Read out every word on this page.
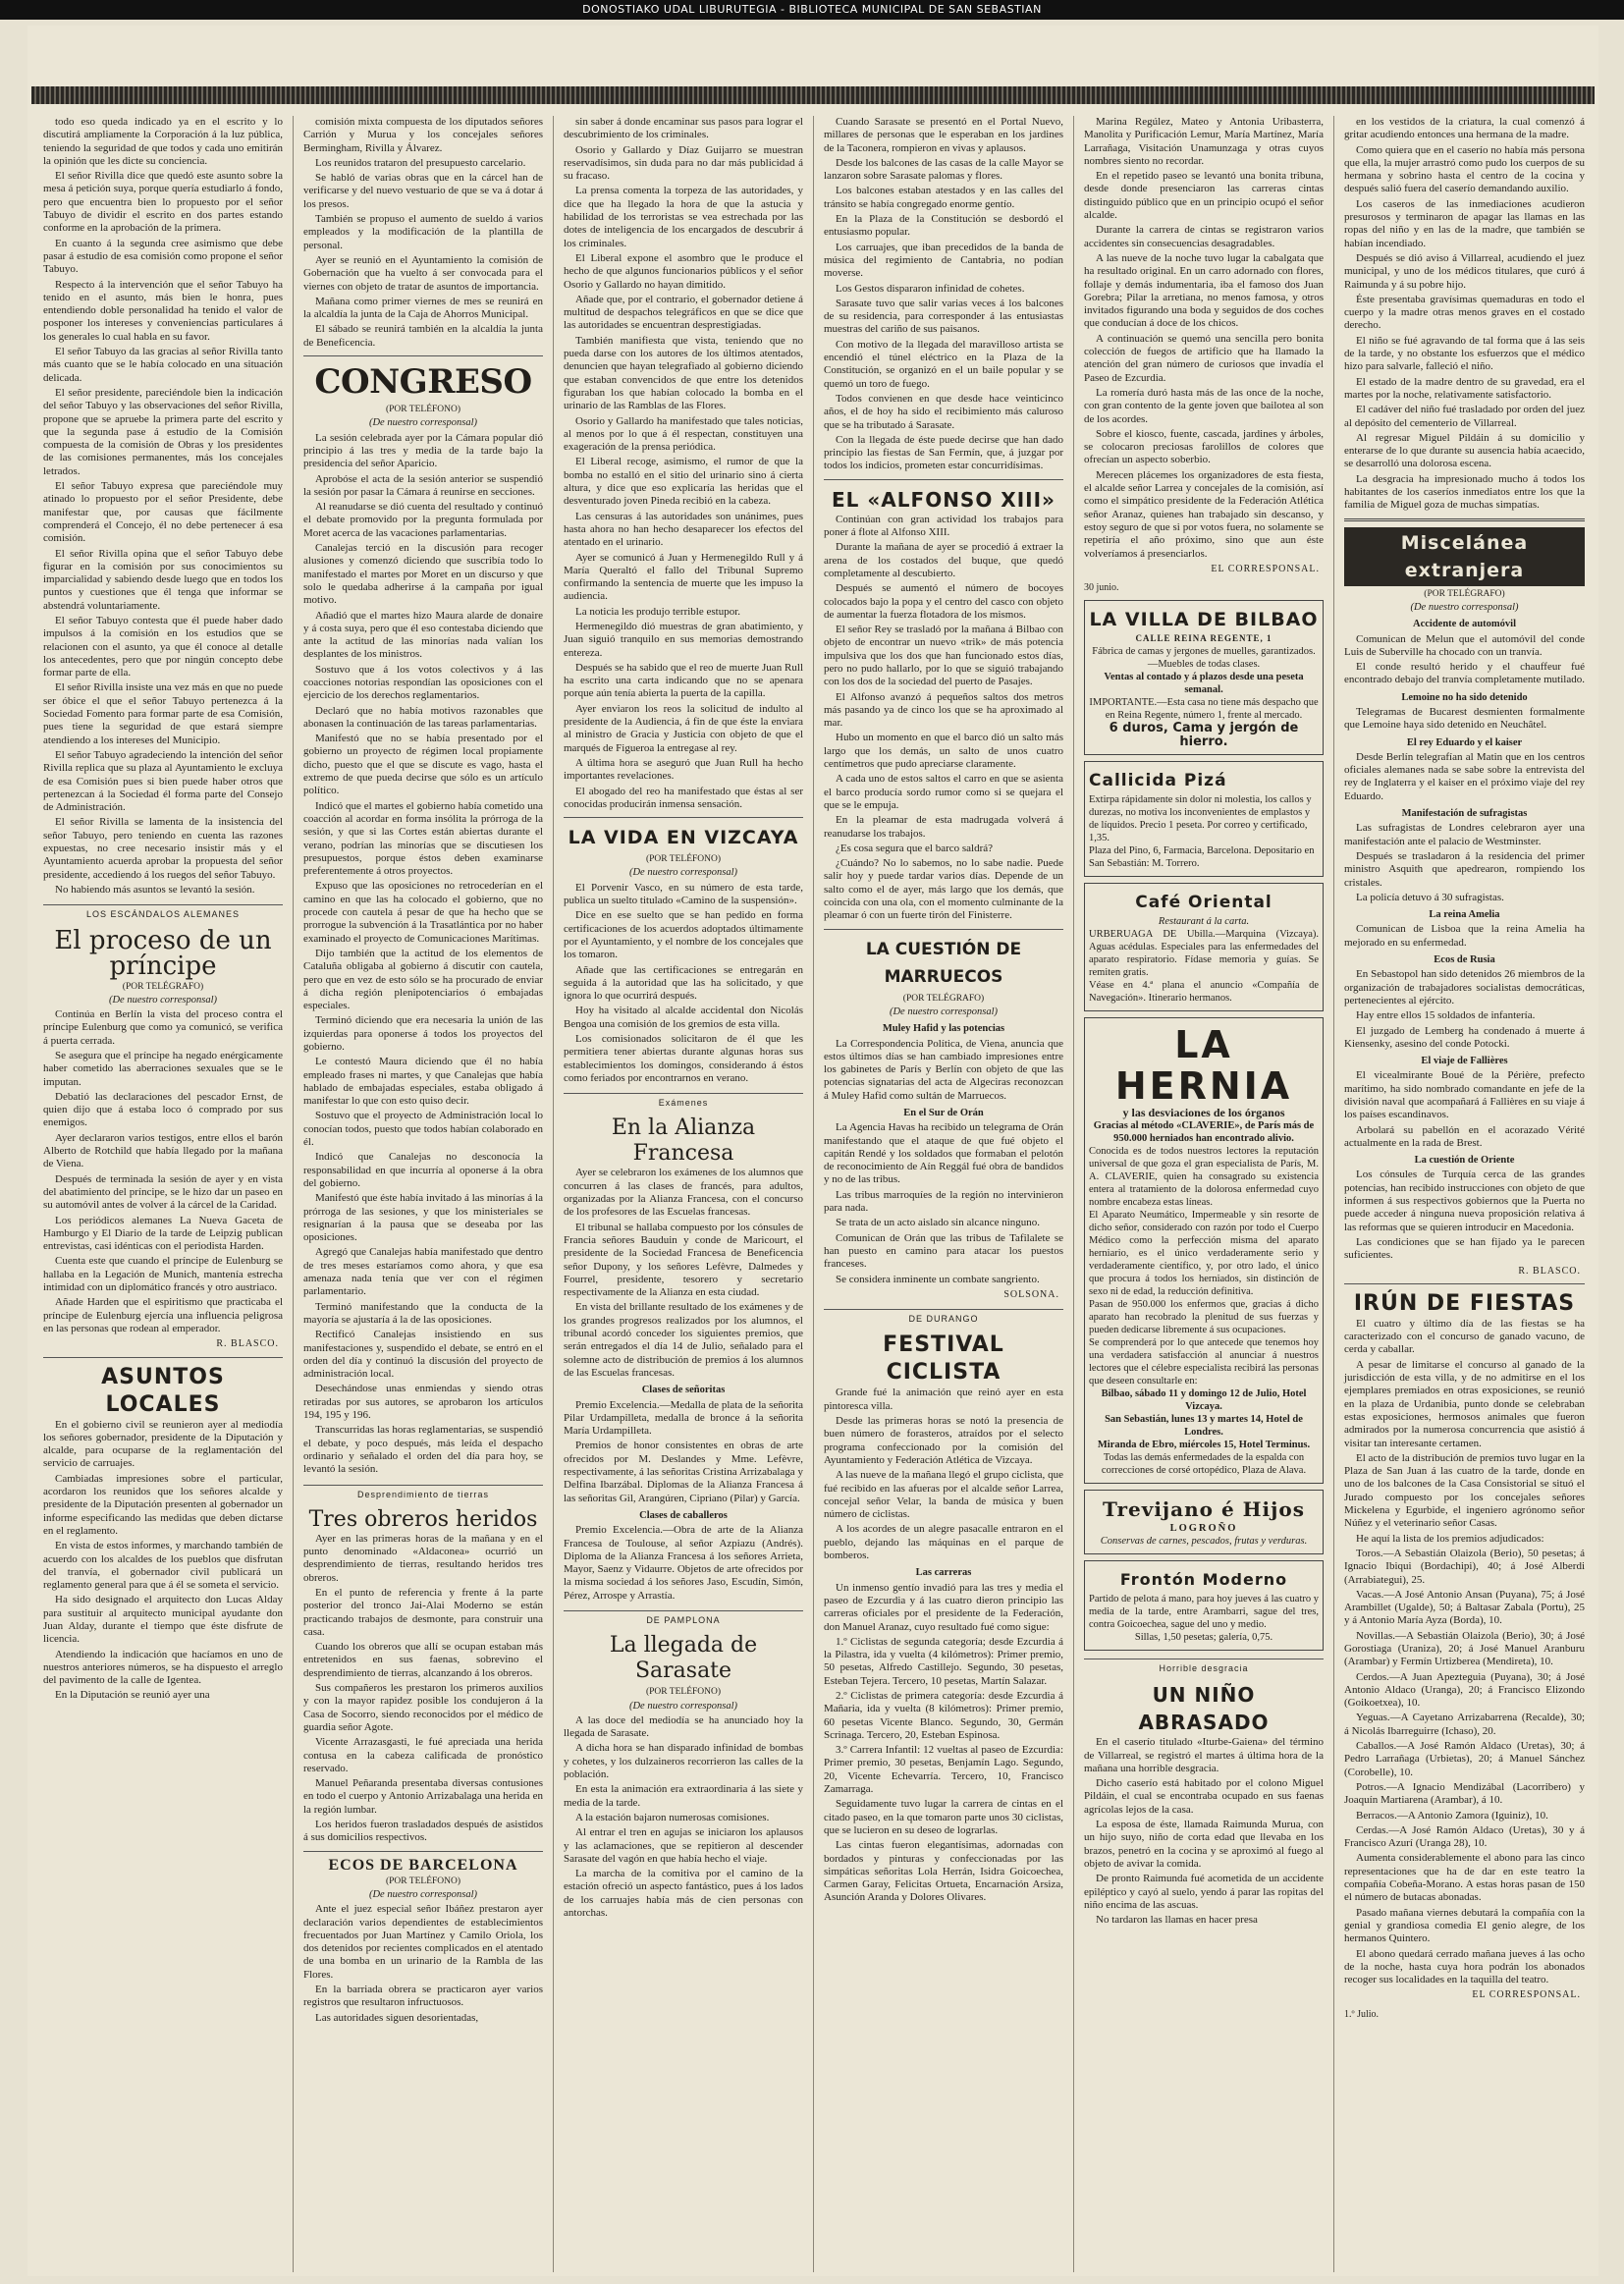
DONOSTIAKO UDAL LIBURUTEGIA - BIBLIOTECA MUNICIPAL DE SAN SEBASTIAN
todo eso queda indicado ya en el escrito y lo discutirá ampliamente la Corporación á la luz pública, teniendo la seguridad de que todos y cada uno emitirán la opinión que les dicte su conciencia.
El señor Rivilla dice que quedó este asunto sobre la mesa á petición suya, porque quería estudiarlo á fondo, pero que encuentra bien lo propuesto por el señor Tabuyo de dividir el escrito en dos partes estando conforme en la aprobación de la primera.
En cuanto á la segunda cree asimismo que debe pasar á estudio de esa comisión como propone el señor Tabuyo.
Respecto á la intervención que el señor Tabuyo ha tenido en el asunto, más bien le honra, pues entendiendo doble personalidad ha tenido el valor de posponer los intereses y conveniencias particulares á los generales lo cual habla en su favor.
El señor Tabuyo da las gracias al señor Rivilla tanto más cuanto que se le había colocado en una situación delicada.
El señor presidente, pareciéndole bien la indicación del señor Tabuyo y las observaciones del señor Rivilla, propone que se apruebe la primera parte del escrito y que la segunda pase á estudio de la Comisión compuesta de la comisión de Obras y los presidentes de las comisiones permanentes, más los concejales letrados.
El señor Tabuyo expresa que pareciéndole muy atinado lo propuesto por el señor Presidente, debe manifestar que, por causas que fácilmente comprenderá el Concejo, él no debe pertenecer á esa comisión.
El señor Rivilla opina que el señor Tabuyo debe figurar en la comisión por sus conocimientos su imparcialidad y sabiendo desde luego que en todos los puntos y cuestiones que él tenga que informar se abstendrá voluntariamente.
El señor Tabuyo contesta que él puede haber dado impulsos á la comisión en los estudios que se relacionen con el asunto, ya que él conoce al detalle los antecedentes, pero que por ningún concepto debe formar parte de ella.
El señor Rivilla insiste una vez más en que no puede ser óbice el que el señor Tabuyo pertenezca á la Sociedad Fomento para formar parte de esa Comisión, pues tiene la seguridad de que estará siempre atendiendo a los intereses del Municipio.
El señor Tabuyo agradeciendo la intención del señor Rivilla replica que su plaza al Ayuntamiento le excluya de esa Comisión pues si bien puede haber otros que pertenezcan á la Sociedad él forma parte del Consejo de Administración.
El señor Rivilla se lamenta de la insistencia del señor Tabuyo, pero teniendo en cuenta las razones expuestas, no cree necesario insistir más y el Ayuntamiento acuerda aprobar la propuesta del señor presidente, accediendo á los ruegos del señor Tabuyo.
No habiendo más asuntos se levantó la sesión.
LOS ESCÁNDALOS ALEMANES
El proceso de un príncipe
(POR TELÉGRAFO)
(De nuestro corresponsal)
Continúa en Berlín la vista del proceso contra el príncipe Eulenburg que como ya comunicó, se verifica á puerta cerrada.
Se asegura que el príncipe ha negado enérgicamente haber cometido las aberraciones sexuales que se le imputan.
Debatió las declaraciones del pescador Ernst, de quien dijo que á estaba loco ó comprado por sus enemigos.
Ayer declararon varios testigos, entre ellos el barón Alberto de Rotchild que había llegado por la mañana de Viena.
Después de terminada la sesión de ayer y en vista del abatimiento del príncipe, se le hizo dar un paseo en su automóvil antes de volver á la cárcel de la Caridad.
Los periódicos alemanes La Nueva Gaceta de Hamburgo y El Diario de la tarde de Leipzig publican entrevistas, casi idénticas con el periodista Harden.
Cuenta este que cuando el príncipe de Eulenburg se hallaba en la Legación de Munich, mantenía estrecha intimidad con un diplomático francés y otro austriaco.
Añade Harden que el espiritismo que practicaba el príncipe de Eulenburg ejercía una influencia peligrosa en las personas que rodean al emperador.
R. BLASCO.
ASUNTOS LOCALES
En el gobierno civil se reunieron ayer al mediodía los señores gobernador, presidente de la Diputación y alcalde, para ocuparse de la reglamentación del servicio de carruajes.
Cambiadas impresiones sobre el particular, acordaron los reunidos que los señores alcalde y presidente de la Diputación presenten al gobernador un informe especificando las medidas que deben dictarse en el reglamento.
En vista de estos informes, y marchando también de acuerdo con los alcaldes de los pueblos que disfrutan del tranvía, el gobernador civil publicará un reglamento general para que á él se someta el servicio.
Ha sido designado el arquitecto don Lucas Alday para sustituir al arquitecto municipal ayudante don Juan Alday, durante el tiempo que éste disfrute de licencia.
Atendiendo la indicación que hacíamos en uno de nuestros anteriores números, se ha dispuesto el arreglo del pavimento de la calle de Igentea.
En la Diputación se reunió ayer una
comisión mixta compuesta de los diputados señores Carrión y Murua y los concejales señores Bermingham, Rivilla y Álvarez.
Los reunidos trataron del presupuesto carcelario.
Se habló de varias obras que en la cárcel han de verificarse y del nuevo vestuario de que se va á dotar á los presos.
También se propuso el aumento de sueldo á varios empleados y la modificación de la plantilla de personal.
Ayer se reunió en el Ayuntamiento la comisión de Gobernación que ha vuelto á ser convocada para el viernes con objeto de tratar de asuntos de importancia.
Mañana como primer viernes de mes se reunirá en la alcaldía la junta de la Caja de Ahorros Municipal.
El sábado se reunirá también en la alcaldía la junta de Beneficencia.
CONGRESO
(POR TELÉFONO)
(De nuestro corresponsal)
La sesión celebrada ayer por la Cámara popular dió principio á las tres y media de la tarde bajo la presidencia del señor Aparicio.
Aprobóse el acta de la sesión anterior se suspendió la sesión por pasar la Cámara á reunirse en secciones.
Al reanudarse se dió cuenta del resultado y continuó el debate promovido por la pregunta formulada por Moret acerca de las vacaciones parlamentarias.
Canalejas terció en la discusión para recoger alusiones y comenzó diciendo que suscribía todo lo manifestado el martes por Moret en un discurso y que solo le quedaba adherirse á la campaña por igual motivo.
Añadió que el martes hizo Maura alarde de donaire y á costa suya, pero que él eso contestaba diciendo que ante la actitud de las minorías nada valían los desplantes de los ministros.
Sostuvo que á los votos colectivos y á las coacciones notorias respondían las oposiciones con el ejercicio de los derechos reglamentarios.
Declaró que no había motivos razonables que abonasen la continuación de las tareas parlamentarias.
Manifestó que no se había presentado por el gobierno un proyecto de régimen local propiamente dicho, puesto que el que se discute es vago, hasta el extremo de que pueda decirse que sólo es un artículo político.
Indicó que el martes el gobierno había cometido una coacción al acordar en forma insólita la prórroga de la sesión, y que si las Cortes están abiertas durante el verano, podrían las minorías que se discutiesen los presupuestos, porque éstos deben examinarse preferentemente á otros proyectos.
Expuso que las oposiciones no retrocederían en el camino en que las ha colocado el gobierno, que no procede con cautela á pesar de que ha hecho que se prorrogue la subvención á la Trasatlántica por no haber examinado el proyecto de Comunicaciones Marítimas.
Dijo también que la actitud de los elementos de Cataluña obligaba al gobierno á discutir con cautela, pero que en vez de esto sólo se ha procurado de enviar á dicha región plenipotenciarios ó embajadas especiales.
Terminó diciendo que era necesaria la unión de las izquierdas para oponerse á todos los proyectos del gobierno.
Le contestó Maura diciendo que él no había empleado frases ni martes, y que Canalejas que había hablado de embajadas especiales, estaba obligado á manifestar lo que con esto quiso decir.
Sostuvo que el proyecto de Administración local lo conocían todos, puesto que todos habían colaborado en él.
Indicó que Canalejas no desconocía la responsabilidad en que incurría al oponerse á la obra del gobierno.
Manifestó que éste había invitado á las minorías á la prórroga de las sesiones, y que los ministeriales se resignarían á la pausa que se deseaba por las oposiciones.
Agregó que Canalejas había manifestado que dentro de tres meses estaríamos como ahora, y que esa amenaza nada tenía que ver con el régimen parlamentario.
Terminó manifestando que la conducta de la mayoría se ajustaría á la de las oposiciones.
Rectificó Canalejas insistiendo en sus manifestaciones y, suspendido el debate, se entró en el orden del día y continuó la discusión del proyecto de administración local.
Desechándose unas enmiendas y siendo otras retiradas por sus autores, se aprobaron los artículos 194, 195 y 196.
Transcurridas las horas reglamentarias, se suspendió el debate, y poco después, más leída el despacho ordinario y señalado el orden del día para hoy, se levantó la sesión.
Desprendimiento de tierras
Tres obreros heridos
Ayer en las primeras horas de la mañana y en el punto denominado «Aldaconea» ocurrió un desprendimiento de tierras, resultando heridos tres obreros.
En el punto de referencia y frente á la parte posterior del tronco Jai-Alai Moderno se están practicando trabajos de desmonte, para construir una casa.
Cuando los obreros que allí se ocupan estaban más entretenidos en sus faenas, sobrevino el desprendimiento de tierras, alcanzando á los obreros.
Sus compañeros les prestaron los primeros auxilios y con la mayor rapidez posible los condujeron á la Casa de Socorro, siendo reconocidos por el médico de guardia señor Agote.
Vicente Arrazasgasti, le fué apreciada una herida contusa en la cabeza calificada de pronóstico reservado.
Manuel Peñaranda presentaba diversas contusiones en todo el cuerpo y Antonio Arrizabalaga una herida en la región lumbar.
Los heridos fueron trasladados después de asistidos á sus domicilios respectivos.
ECOS DE BARCELONA
(POR TELÉFONO)
(De nuestro corresponsal)
Ante el juez especial señor Ibáñez prestaron ayer declaración varios dependientes de establecimientos frecuentados por Juan Martínez y Camilo Oriola, los dos detenidos por recientes complicados en el atentado de una bomba en un urinario de la Rambla de las Flores.
En la barriada obrera se practicaron ayer varios registros que resultaron infructuosos.
Las autoridades siguen desorientadas,
sin saber á donde encaminar sus pasos para lograr el descubrimiento de los criminales.
Osorio y Gallardo y Díaz Guijarro se muestran reservadísimos, sin duda para no dar más publicidad á su fracaso.
La prensa comenta la torpeza de las autoridades, y dice que ha llegado la hora de que la astucia y habilidad de los terroristas se vea estrechada por las dotes de inteligencia de los encargados de descubrir á los criminales.
El Liberal expone el asombro que le produce el hecho de que algunos funcionarios públicos y el señor Osorio y Gallardo no hayan dimitido.
Añade que, por el contrario, el gobernador detiene á multitud de despachos telegráficos en que se dice que las autoridades se encuentran desprestigiadas.
También manifiesta que vista, teniendo que no pueda darse con los autores de los últimos atentados, denuncien que hayan telegrafiado al gobierno diciendo que estaban convencidos de que entre los detenidos figuraban los que habían colocado la bomba en el urinario de las Ramblas de las Flores.
Osorio y Gallardo ha manifestado que tales noticias, al menos por lo que á él respectan, constituyen una exageración de la prensa periódica.
El Liberal recoge, asimismo, el rumor de que la bomba no estalló en el sitio del urinario sino á cierta altura, y dice que eso explicaría las heridas que el desventurado joven Pineda recibió en la cabeza.
Las censuras á las autoridades son unánimes, pues hasta ahora no han hecho desaparecer los efectos del atentado en el urinario.
Ayer se comunicó á Juan y Hermenegildo Rull y á María Queraltó el fallo del Tribunal Supremo confirmando la sentencia de muerte que les impuso la audiencia.
La noticia les produjo terrible estupor.
Hermenegildo dió muestras de gran abatimiento, y Juan siguió tranquilo en sus memorias demostrando entereza.
Después se ha sabido que el reo de muerte Juan Rull ha escrito una carta indicando que no se apenara porque aún tenía abierta la puerta de la capilla.
Ayer enviaron los reos la solicitud de indulto al presidente de la Audiencia, á fin de que éste la enviara al ministro de Gracia y Justicia con objeto de que el marqués de Figueroa la entregase al rey.
A última hora se aseguró que Juan Rull ha hecho importantes revelaciones.
El abogado del reo ha manifestado que éstas al ser conocidas producirán inmensa sensación.
LA VIDA EN VIZCAYA
(POR TELÉFONO)
(De nuestro corresponsal)
El Porvenir Vasco, en su número de esta tarde, publica un suelto titulado «Camino de la suspensión».
Dice en ese suelto que se han pedido en forma certificaciones de los acuerdos adoptados últimamente por el Ayuntamiento, y el nombre de los concejales que los tomaron.
Añade que las certificaciones se entregarán en seguida á la autoridad que las ha solicitado, y que ignora lo que ocurrirá después.
Hoy ha visitado al alcalde accidental don Nicolás Bengoa una comisión de los gremios de esta villa.
Los comisionados solicitaron de él que les permitiera tener abiertas durante algunas horas sus establecimientos los domingos, considerando á éstos como feriados por encontrarnos en verano.
Exámenes
En la Alianza Francesa
Ayer se celebraron los exámenes de los alumnos que concurren á las clases de francés, para adultos, organizadas por la Alianza Francesa, con el concurso de los profesores de las Escuelas francesas.
El tribunal se hallaba compuesto por los cónsules de Francia señores Bauduin y conde de Maricourt, el presidente de la Sociedad Francesa de Beneficencia señor Dupony, y los señores Lefèvre, Dalmedes y Fourrel, presidente, tesorero y secretario respectivamente de la Alianza en esta ciudad.
En vista del brillante resultado de los exámenes y de los grandes progresos realizados por los alumnos, el tribunal acordó conceder los siguientes premios, que serán entregados el día 14 de Julio, señalado para el solemne acto de distribución de premios á los alumnos de las Escuelas francesas.
Clases de señoritas
Premio Excelencia.—Medalla de plata de la señorita Pilar Urdampilleta, medalla de bronce á la señorita María Urdampilleta.
Premios de honor consistentes en obras de arte ofrecidos por M. Deslandes y Mme. Lefèvre, respectivamente, á las señoritas Cristina Arrizabalaga y Delfina Ibarzábal. Diplomas de la Alianza Francesa á las señoritas Gil, Arangúren, Cipriano (Pilar) y García.
Clases de caballeros
Premio Excelencia.—Obra de arte de la Alianza Francesa de Toulouse, al señor Azpiazu (Andrés). Diploma de la Alianza Francesa á los señores Arrieta, Mayor, Saenz y Vidaurre. Objetos de arte ofrecidos por la misma sociedad á los señores Jaso, Escudín, Simón, Pérez, Arrospe y Arrastía.
DE PAMPLONA
La llegada de Sarasate
(POR TELÉFONO)
(De nuestro corresponsal)
A las doce del mediodía se ha anunciado hoy la llegada de Sarasate.
A dicha hora se han disparado infinidad de bombas y cohetes, y los dulzaineros recorrieron las calles de la población.
En esta la animación era extraordinaria á las siete y media de la tarde.
A la estación bajaron numerosas comisiones.
Al entrar el tren en agujas se iniciaron los aplausos y las aclamaciones, que se repitieron al descender Sarasate del vagón en que había hecho el viaje.
La marcha de la comitiva por el camino de la estación ofreció un aspecto fantástico, pues á los lados de los carruajes había más de cien personas con antorchas.
Cuando Sarasate se presentó en el Portal Nuevo, millares de personas que le esperaban en los jardines de la Taconera, rompieron en vivas y aplausos.
Desde los balcones de las casas de la calle Mayor se lanzaron sobre Sarasate palomas y flores.
Los balcones estaban atestados y en las calles del tránsito se había congregado enorme gentío.
En la Plaza de la Constitución se desbordó el entusiasmo popular.
Los carruajes, que iban precedidos de la banda de música del regimiento de Cantabria, no podían moverse.
Los Gestos dispararon infinidad de cohetes.
Sarasate tuvo que salir varias veces á los balcones de su residencia, para corresponder á las entusiastas muestras del cariño de sus paisanos.
Con motivo de la llegada del maravilloso artista se encendió el túnel eléctrico en la Plaza de la Constitución, se organizó en el un baile popular y se quemó un toro de fuego.
Todos convienen en que desde hace veinticinco años, el de hoy ha sido el recibimiento más caluroso que se ha tributado á Sarasate.
Con la llegada de éste puede decirse que han dado principio las fiestas de San Fermín, que, á juzgar por todos los indicios, prometen estar concurridísimas.
EL «ALFONSO XIII»
Continúan con gran actividad los trabajos para poner á flote al Alfonso XIII.
Durante la mañana de ayer se procedió á extraer la arena de los costados del buque, que quedó completamente al descubierto.
Después se aumentó el número de bocoyes colocados bajo la popa y el centro del casco con objeto de aumentar la fuerza flotadora de los mismos.
El señor Rey se trasladó por la mañana á Bilbao con objeto de encontrar un nuevo «trik» de más potencia impulsiva que los dos que han funcionado estos días, pero no pudo hallarlo, por lo que se siguió trabajando con los dos de la sociedad del puerto de Pasajes.
El Alfonso avanzó á pequeños saltos dos metros más pasando ya de cinco los que se ha aproximado al mar.
Hubo un momento en que el barco dió un salto más largo que los demás, un salto de unos cuatro centímetros que pudo apreciarse claramente.
A cada uno de estos saltos el carro en que se asienta el barco producía sordo rumor como si se quejara el que se le empuja.
En la pleamar de esta madrugada volverá á reanudarse los trabajos.
¿Es cosa segura que el barco saldrá?
¿Cuándo? No lo sabemos, no lo sabe nadie. Puede salir hoy y puede tardar varios días. Depende de un salto como el de ayer, más largo que los demás, que coincida con una ola, con el momento culminante de la pleamar ó con un fuerte tirón del Finisterre.
LA CUESTIÓN DE MARRUECOS
(POR TELÉGRAFO)
(De nuestro corresponsal)
Muley Hafid y las potencias
La Correspondencia Política, de Viena, anuncia que estos últimos días se han cambiado impresiones entre los gabinetes de París y Berlín con objeto de que las potencias signatarias del acta de Algeciras reconozcan á Muley Hafid como sultán de Marruecos.
En el Sur de Orán
La Agencia Havas ha recibido un telegrama de Orán manifestando que el ataque de que fué objeto el capitán Rendé y los soldados que formaban el pelotón de reconocimiento de Aín Reggál fué obra de bandidos y no de las tribus.
Las tribus marroquíes de la región no intervinieron para nada.
Se trata de un acto aislado sin alcance ninguno.
Comunican de Orán que las tribus de Tafilalete se han puesto en camino para atacar los puestos franceses.
Se considera inminente un combate sangriento.
SOLSONA.
DE DURANGO
FESTIVAL CICLISTA
Grande fué la animación que reinó ayer en esta pintoresca villa.
Desde las primeras horas se notó la presencia de buen número de forasteros, atraídos por el selecto programa confeccionado por la comisión del Ayuntamiento y Federación Atlética de Vizcaya.
A las nueve de la mañana llegó el grupo ciclista, que fué recibido en las afueras por el alcalde señor Larrea, concejal señor Velar, la banda de música y buen número de ciclistas.
A los acordes de un alegre pasacalle entraron en el pueblo, dejando las máquinas en el parque de bomberos.
Las carreras
Un inmenso gentío invadió para las tres y media el paseo de Ezcurdia y á las cuatro dieron principio las carreras oficiales por el presidente de la Federación, don Manuel Aranaz, cuyo resultado fué como sigue:
1.º Ciclistas de segunda categoría; desde Ezcurdia á la Pilastra, ida y vuelta (4 kilómetros): Primer premio, 50 pesetas, Alfredo Castillejo. Segundo, 30 pesetas, Esteban Tejera. Tercero, 10 pesetas, Martín Salazar.
2.º Ciclistas de primera categoría: desde Ezcurdia á Mañaria, ida y vuelta (8 kilómetros): Primer premio, 60 pesetas Vicente Blanco. Segundo, 30, Germán Scrinaga. Tercero, 20, Esteban Espinosa.
3.º Carrera Infantil: 12 vueltas al paseo de Ezcurdia: Primer premio, 30 pesetas, Benjamín Lago. Segundo, 20, Vicente Echevarría. Tercero, 10, Francisco Zamarraga.
Seguidamente tuvo lugar la carrera de cintas en el citado paseo, en la que tomaron parte unos 30 ciclistas, que se lucieron en su deseo de lograrlas.
Las cintas fueron elegantísimas, adornadas con bordados y pinturas y confeccionadas por las simpáticas señoritas Lola Herrán, Isidra Goicoechea, Carmen Garay, Felicitas Ortueta, Encarnación Arsiza, Asunción Aranda y Dolores Olivares.
Marina Regúlez, Mateo y Antonia Uribasterra, Manolita y Purificación Lemur, María Martínez, María Larrañaga, Visitación Unamunzaga y otras cuyos nombres siento no recordar.
En el repetido paseo se levantó una bonita tribuna, desde donde presenciaron las carreras cintas distinguido público que en un principio ocupó el señor alcalde.
Durante la carrera de cintas se registraron varios accidentes sin consecuencias desagradables.
A las nueve de la noche tuvo lugar la cabalgata que ha resultado original. En un carro adornado con flores, follaje y demás indumentaria, iba el famoso dos Juan Gorebra; Pilar la arretiana, no menos famosa, y otros invitados figurando una boda y seguidos de dos coches que conducían á doce de los chicos.
A continuación se quemó una sencilla pero bonita colección de fuegos de artificio que ha llamado la atención del gran número de curiosos que invadía el Paseo de Ezcurdia.
La romería duró hasta más de las once de la noche, con gran contento de la gente joven que bailotea al son de los acordes.
Sobre el kiosco, fuente, cascada, jardines y árboles, se colocaron preciosas farolillos de colores que ofrecían un aspecto soberbio.
Merecen plácemes los organizadores de esta fiesta, el alcalde señor Larrea y concejales de la comisión, así como el simpático presidente de la Federación Atlética señor Aranaz, quienes han trabajado sin descanso, y estoy seguro de que si por votos fuera, no solamente se repetiría el año próximo, sino que aun éste volveríamos á presenciarlos.
EL CORRESPONSAL.
30 junio.
LA VILLA DE BILBAO
CALLE REINA REGENTE, 1
Fábrica de camas y jergones de muelles, garantizados.—Muebles de todas clases.
Ventas al contado y á plazos desde una peseta semanal.
IMPORTANTE.—Esta casa no tiene más despacho que en Reina Regente, número 1, frente al mercado.
6 duros, Cama y jergón de hierro.
Callicida Pizá
Extirpa rápidamente sin dolor ni molestia, los callos y durezas, no motiva los inconvenientes de emplastos y de líquidos. Precio 1 peseta. Por correo y certificado, 1,35.
Plaza del Pino, 6, Farmacia, Barcelona. Depositario en San Sebastián: M. Torrero.
Café Oriental
Restaurant á la carta.
URBERUAGA DE Ubilla.—Marquina (Vizcaya). Aguas acédulas. Especiales para las enfermedades del aparato respiratorio. Fídase memoria y guías. Se remiten gratis.
Véase en 4.ª plana el anuncio «Compañía de Navegación». Itinerario hermanos.
LA HERNIA
y las desviaciones de los órganos
Gracias al método «CLAVERIE», de París más de 950.000 herniados han encontrado alivio.
Conocida es de todos nuestros lectores la reputación universal de que goza el gran especialista de París, M. A. CLAVERIE, quien ha consagrado su existencia entera al tratamiento de la dolorosa enfermedad cuyo nombre encabeza estas líneas.
El Aparato Neumático, Impermeable y sin resorte de dicho señor, considerado con razón por todo el Cuerpo Médico como la perfección misma del aparato herniario, es el único verdaderamente serio y verdaderamente científico, y, por otro lado, el único que procura á todos los herniados, sin distinción de sexo ni de edad, la reducción definitiva.
Pasan de 950.000 los enfermos que, gracias á dicho aparato han recobrado la plenitud de sus fuerzas y pueden dedicarse libremente á sus ocupaciones.
Se comprenderá por lo que antecede que tenemos hoy una verdadera satisfacción al anunciar á nuestros lectores que el célebre especialista recibirá las personas que deseen consultarle en:
Bilbao, sábado 11 y domingo 12 de Julio, Hotel Vizcaya.
San Sebastián, lunes 13 y martes 14, Hotel de Londres.
Miranda de Ebro, miércoles 15, Hotel Terminus.
Todas las demás enfermedades de la espalda con correcciones de corsé ortopédico, Plaza de Alava.
Trevijano é Hijos
LOGROÑO
Conservas de carnes, pescados, frutas y verduras.
Frontón Moderno
Partido de pelota á mano, para hoy jueves á las cuatro y media de la tarde, entre Arambarri, sague del tres, contra Goicoechea, sague del uno y medio.
Sillas, 1,50 pesetas; galería, 0,75.
Horrible desgracia
UN NIÑO ABRASADO
En el caserío titulado «Iturbe-Gaiena» del término de Villarreal, se registró el martes á última hora de la mañana una horrible desgracia.
Dicho caserío está habitado por el colono Miguel Pildáin, el cual se encontraba ocupado en sus faenas agrícolas lejos de la casa.
La esposa de éste, llamada Raimunda Murua, con un hijo suyo, niño de corta edad que llevaba en los brazos, penetró en la cocina y se aproximó al fuego al objeto de avivar la comida.
De pronto Raimunda fué acometida de un accidente epiléptico y cayó al suelo, yendo á parar las ropitas del niño encima de las ascuas.
No tardaron las llamas en hacer presa
en los vestidos de la criatura, la cual comenzó á gritar acudiendo entonces una hermana de la madre.
Como quiera que en el caserío no había más persona que ella, la mujer arrastró como pudo los cuerpos de su hermana y sobrino hasta el centro de la cocina y después salió fuera del caserío demandando auxilio.
Los caseros de las inmediaciones acudieron presurosos y terminaron de apagar las llamas en las ropas del niño y en las de la madre, que también se habían incendiado.
Después se dió aviso á Villarreal, acudiendo el juez municipal, y uno de los médicos titulares, que curó á Raimunda y á su pobre hijo.
Éste presentaba gravísimas quemaduras en todo el cuerpo y la madre otras menos graves en el costado derecho.
El niño se fué agravando de tal forma que á las seis de la tarde, y no obstante los esfuerzos que el médico hizo para salvarle, falleció el niño.
El estado de la madre dentro de su gravedad, era el martes por la noche, relativamente satisfactorio.
El cadáver del niño fué trasladado por orden del juez al depósito del cementerio de Villarreal.
Al regresar Miguel Pildáin á su domicilio y enterarse de lo que durante su ausencia había acaecido, se desarrolló una dolorosa escena.
La desgracia ha impresionado mucho á todos los habitantes de los caseríos inmediatos entre los que la familia de Miguel goza de muchas simpatías.
Miscelánea extranjera
(POR TELÉGRAFO)
(De nuestro corresponsal)
Accidente de automóvil
Comunican de Melun que el automóvil del conde Luis de Suberville ha chocado con un tranvía.
El conde resultó herido y el chauffeur fué encontrado debajo del tranvía completamente mutilado.
Lemoine no ha sido detenido
Telegramas de Bucarest desmienten formalmente que Lemoine haya sido detenido en Neuchâtel.
El rey Eduardo y el kaiser
Desde Berlín telegrafían al Matin que en los centros oficiales alemanes nada se sabe sobre la entrevista del rey de Inglaterra y el kaiser en el próximo viaje del rey Eduardo.
Manifestación de sufragistas
Las sufragistas de Londres celebraron ayer una manifestación ante el palacio de Westminster.
Después se trasladaron á la residencia del primer ministro Asquith que apedrearon, rompiendo los cristales.
La policía detuvo á 30 sufragistas.
La reina Amelia
Comunican de Lisboa que la reina Amelia ha mejorado en su enfermedad.
Ecos de Rusia
En Sebastopol han sido detenidos 26 miembros de la organización de trabajadores socialistas democráticas, pertenecientes al ejército.
Hay entre ellos 15 soldados de infantería.
El juzgado de Lemberg ha condenado á muerte á Kiensenky, asesino del conde Potocki.
El viaje de Fallières
El vicealmirante Boué de la Périère, prefecto marítimo, ha sido nombrado comandante en jefe de la división naval que acompañará á Fallières en su viaje á los países escandinavos.
Arbolará su pabellón en el acorazado Vérité actualmente en la rada de Brest.
La cuestión de Oriente
Los cónsules de Turquía cerca de las grandes potencias, han recibido instrucciones con objeto de que informen á sus respectivos gobiernos que la Puerta no puede acceder á ninguna nueva proposición relativa á las reformas que se quieren introducir en Macedonia.
Las condiciones que se han fijado ya le parecen suficientes.
R. BLASCO.
IRÚN DE FIESTAS
El cuatro y último día de las fiestas se ha caracterizado con el concurso de ganado vacuno, de cerda y caballar.
A pesar de limitarse el concurso al ganado de la jurisdicción de esta villa, y de no admitirse en el los ejemplares premiados en otras exposiciones, se reunió en la plaza de Urdanibia, punto donde se celebraban estas exposiciones, hermosos animales que fueron admirados por la numerosa concurrencia que asistió á visitar tan interesante certamen.
El acto de la distribución de premios tuvo lugar en la Plaza de San Juan á las cuatro de la tarde, donde en uno de los balcones de la Casa Consistorial se situó el Jurado compuesto por los concejales señores Mickelena y Egurbide, el ingeniero agrónomo señor Núñez y el veterinario señor Casas.
He aquí la lista de los premios adjudicados:
Toros.—A Sebastián Olaizola (Berio), 50 pesetas; á Ignacio Ibiqui (Bordachipi), 40; á José Alberdi (Arrabiategui), 25.
Vacas.—A José Antonio Ansan (Puyana), 75; á José Arambillet (Ugalde), 50; á Baltasar Zabala (Portu), 25 y á Antonio María Ayza (Borda), 10.
Novillas.—A Sebastián Olaizola (Berio), 30; á José Gorostiaga (Uraniza), 20; á José Manuel Aranburu (Arambar) y Fermín Urtizberea (Mendireta), 10.
Cerdos.—A Juan Apezteguia (Puyana), 30; á José Antonio Aldaco (Uranga), 20; á Francisco Elizondo (Goikoetxea), 10.
Yeguas.—A Cayetano Arrizabarrena (Recalde), 30; á Nicolás Ibarreguirre (Ichaso), 20.
Caballos.—A José Ramón Aldaco (Uretas), 30; á Pedro Larrañaga (Urbietas), 20; á Manuel Sánchez (Corobelle), 10.
Potros.—A Ignacio Mendizábal (Lacorribero) y Joaquín Martiarena (Arambar), á 10.
Berracos.—A Antonio Zamora (Iguiniz), 10.
Cerdas.—A José Ramón Aldaco (Uretas), 30 y á Francisco Azurí (Uranga 28), 10.
Aumenta considerablemente el abono para las cinco representaciones que ha de dar en este teatro la compañía Cobeña-Morano. A estas horas pasan de 150 el número de butacas abonadas.
Pasado mañana viernes debutará la compañía con la genial y grandiosa comedia El genio alegre, de los hermanos Quintero.
El abono quedará cerrado mañana jueves á las ocho de la noche, hasta cuya hora podrán los abonados recoger sus localidades en la taquilla del teatro.
EL CORRESPONSAL.
1.º Julio.
